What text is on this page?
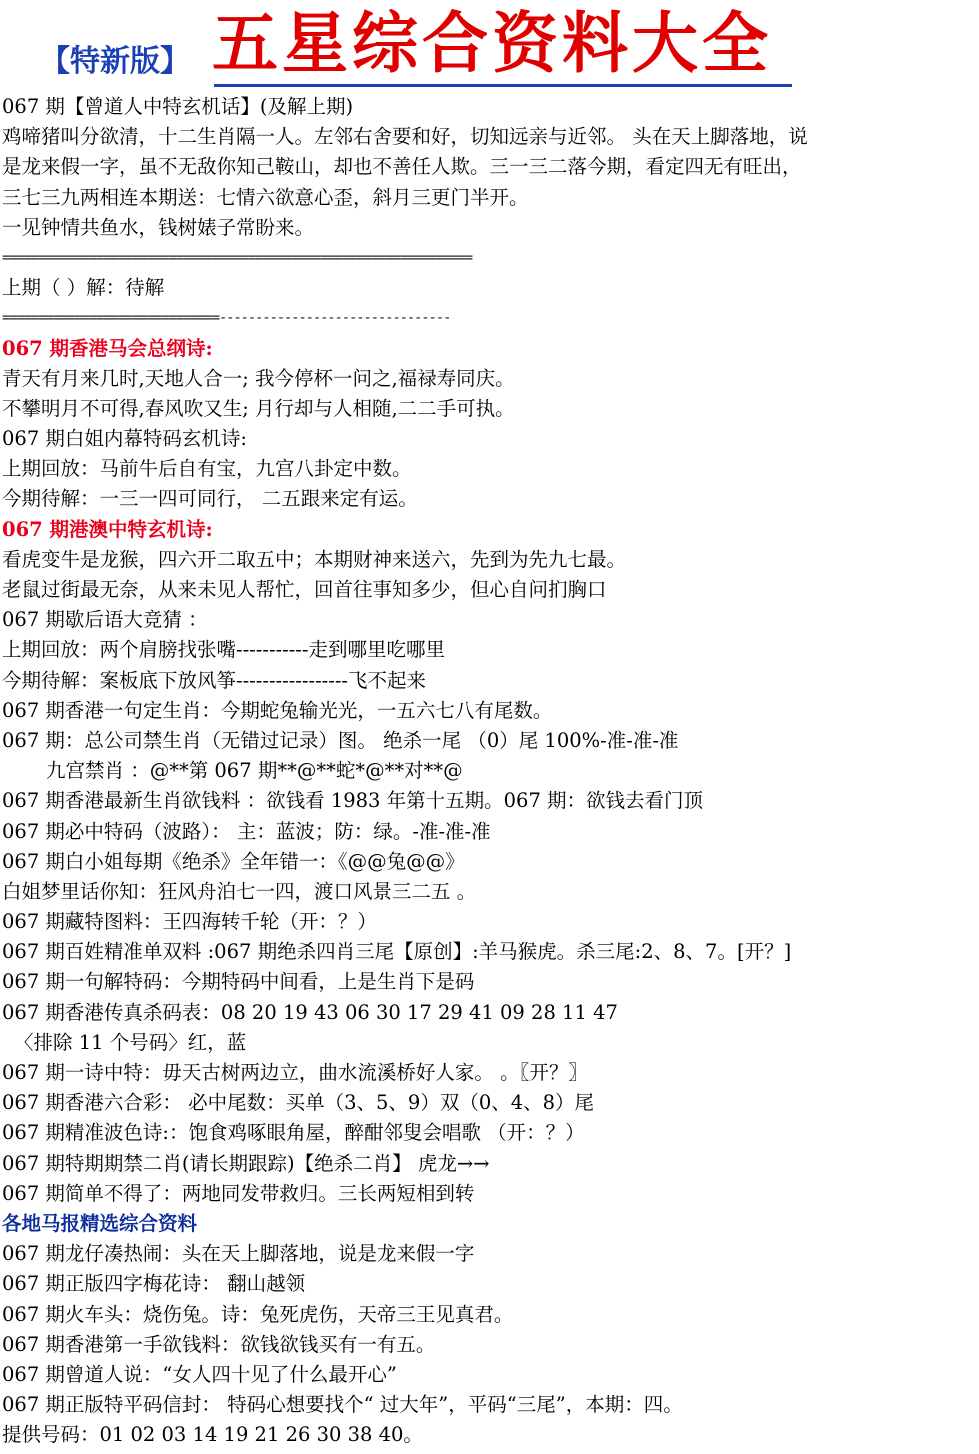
【特新版】 五星综合资料大全
067 期【曾道人中特玄机话】(及解上期)
鸡啼猪叫分欲清，十二生肖隔一人。左邻右舍要和好，切知远亲与近邻。 头在天上脚落地，说
是龙来假一字，虽不无敌你知己鞍山，却也不善任人欺。三一三二落今期，看定四无有旺出，
三七三九两相连本期送：七情六欲意心歪，斜月三更门半开。
一见钟情共鱼水，钱树婊子常盼来。
=================================================================
上期（ ）解：待解
==============================--------------------------------
067 期香港马会总纲诗:
青天有月来几时,天地人合一; 我今停杯一问之,福禄寿同庆。
不攀明月不可得,春风吹又生; 月行却与人相随,二二手可执。
067 期白姐内幕特码玄机诗:
上期回放：马前牛后自有宝，九宫八卦定中数。
今期待解：一三一四可同行， 二五跟来定有运。
067 期港澳中特玄机诗:
看虎变牛是龙猴，四六开二取五中；本期财神来送六，先到为先九七最。
老鼠过街最无奈，从来未见人帮忙，回首往事知多少，但心自问扪胸口
067 期歇后语大竞猜 ：
上期回放：两个肩膀找张嘴-----------走到哪里吃哪里
今期待解：案板底下放风筝-----------------飞不起来
067 期香港一句定生肖：今期蛇兔输光光，一五六七八有尾数。
067 期：总公司禁生肖（无错过记录）图。 绝杀一尾 （0）尾 100%-准-准-准
九宫禁肖 ：@**第 067 期**@**蛇*@**对**@
067 期香港最新生肖欲钱料 ：欲钱看 1983 年第十五期。067 期：欲钱去看门顶
067 期必中特码（波路）： 主：蓝波；防：绿。-准-准-准
067 期白小姐每期《绝杀》全年错一：《@@兔@@》
白姐梦里话你知：狂风舟泊七一四，渡口风景三二五 。
067 期藏特图料：王四海转千轮（开：？）
067 期百姓精准单双料 :067 期绝杀四肖三尾【原创】:羊马猴虎。杀三尾:2、8、7。[开？]
067 期一句解特码：今期特码中间看，上是生肖下是码
067 期香港传真杀码表：08 20 19 43 06 30 17 29 41 09 28 11 47
〈排除 11 个号码〉红，蓝
067 期一诗中特：毋天古树两边立，曲水流溪桥好人家。 。〖开？〗
067 期香港六合彩： 必中尾数：买单（3、5、9）双（0、4、8）尾
067 期精准波色诗:：饱食鸡啄眼角屋，醉酣邻叟会唱歌 （开：？）
067 期特期期禁二肖(请长期跟踪)【绝杀二肖】 虎龙→→
067 期简单不得了：两地同发带救归。三长两短相到转
各地马报精选综合资料
067 期龙仔凑热闹：头在天上脚落地，说是龙来假一字
067 期正版四字梅花诗： 翻山越领
067 期火车头：烧伤兔。诗：兔死虎伤，天帝三王见真君。
067 期香港第一手欲钱料：欲钱欲钱买有一有五。
067 期曾道人说：“女人四十见了什么最开心”
067 期正版特平码信封： 特码心想要找个“ 过大年”，平码“三尾”，本期：四。
提供号码：01 02 03 14 19 21 26 30 38 40。
